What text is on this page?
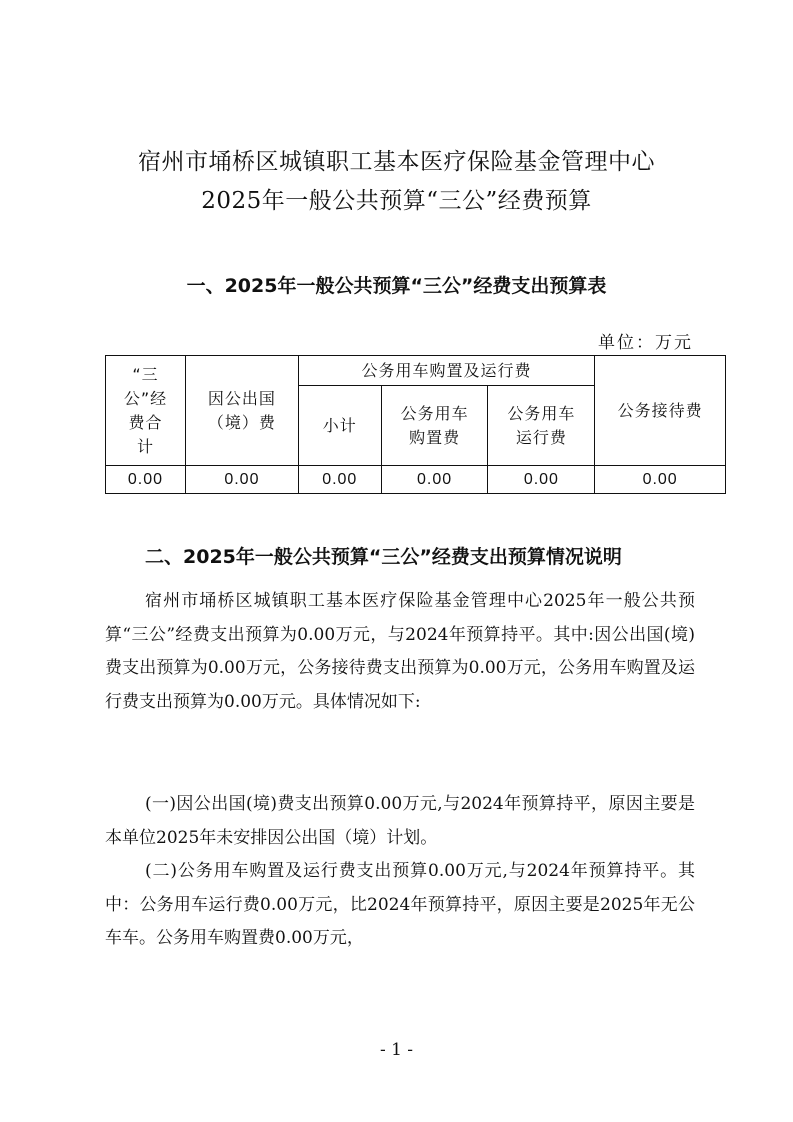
宿州市埇桥区城镇职工基本医疗保险基金管理中心
2025年一般公共预算“三公”经费预算
一、2025年一般公共预算“三公”经费支出预算表
单位：万元
“三公”经费合计	因公出国（境）费	公务用车购置及运行费			公务接待费
		小计	公务用车购置费	公务用车运行费	
0.00	0.00	0.00	0.00	0.00	0.00
二、2025年一般公共预算“三公”经费支出预算情况说明

宿州市埇桥区城镇职工基本医疗保险基金管理中心2025年一般公共预算“三公”经费支出预算为0.00万元，与2024年预算持平。其中:因公出国(境)费支出预算为0.00万元，公务接待费支出预算为0.00万元，公务用车购置及运行费支出预算为0.00万元。具体情况如下:

(一)因公出国(境)费支出预算0.00万元,与2024年预算持平，原因主要是本单位2025年未安排因公出国（境）计划。

(二)公务用车购置及运行费支出预算0.00万元,与2024年预算持平。其中：公务用车运行费0.00万元，比2024年预算持平，原因主要是2025年无公车车。公务用车购置费0.00万元，

- 1 -
